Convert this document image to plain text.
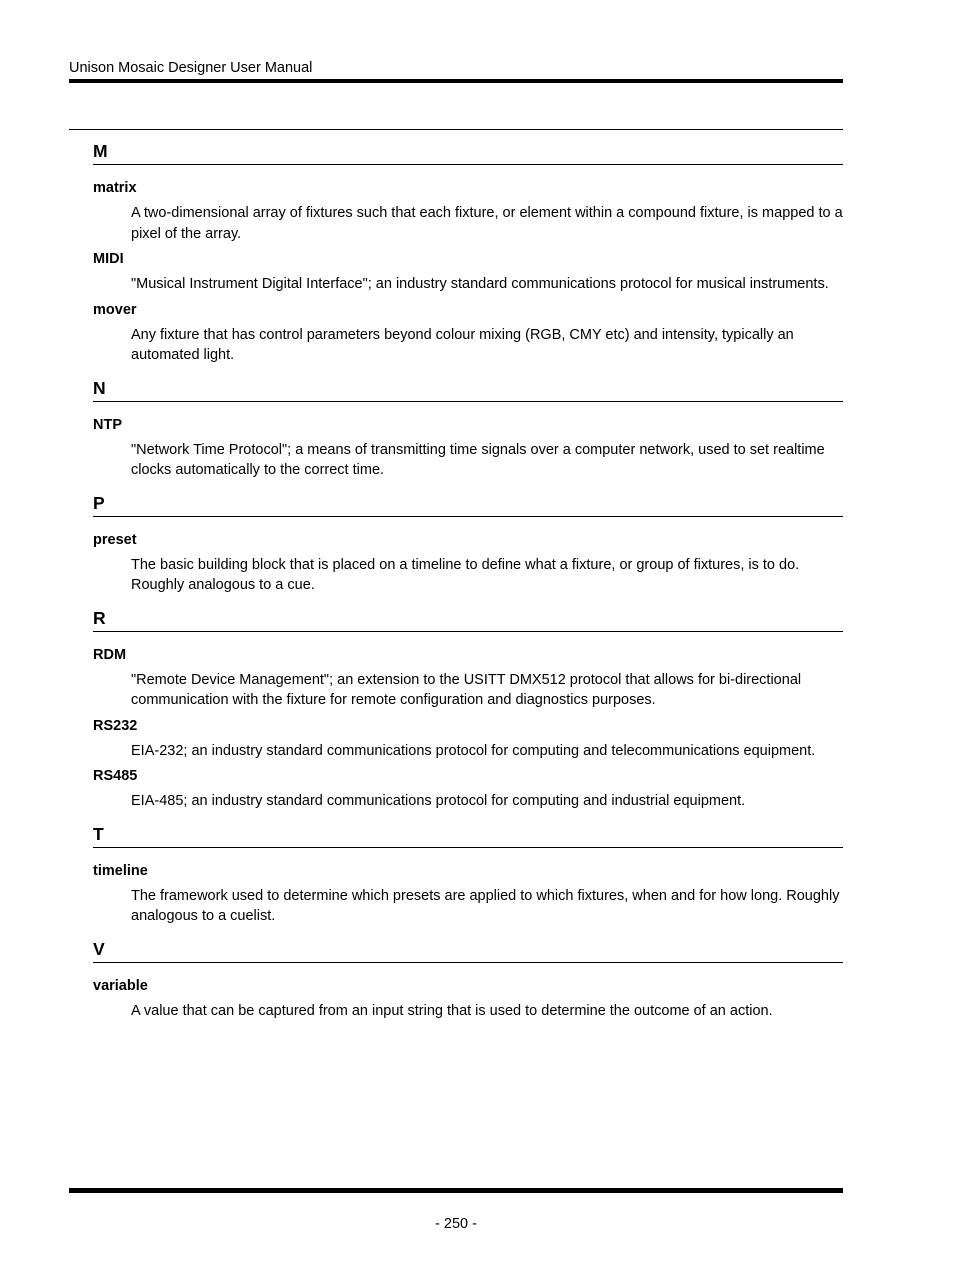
Unison Mosaic Designer User Manual
M
matrix
A two-dimensional array of fixtures such that each fixture, or element within a compound fixture, is mapped to a pixel of the array.
MIDI
"Musical Instrument Digital Interface"; an industry standard communications protocol for musical instruments.
mover
Any fixture that has control parameters beyond colour mixing (RGB, CMY etc) and intensity, typically an automated light.
N
NTP
"Network Time Protocol"; a means of transmitting time signals over a computer network, used to set realtime clocks automatically to the correct time.
P
preset
The basic building block that is placed on a timeline to define what a fixture, or group of fixtures, is to do. Roughly analogous to a cue.
R
RDM
"Remote Device Management"; an extension to the USITT DMX512 protocol that allows for bi-directional communication with the fixture for remote configuration and diagnostics purposes.
RS232
EIA-232; an industry standard communications protocol for computing and telecommunications equipment.
RS485
EIA-485; an industry standard communications protocol for computing and industrial equipment.
T
timeline
The framework used to determine which presets are applied to which fixtures, when and for how long. Roughly analogous to a cuelist.
V
variable
A value that can be captured from an input string that is used to determine the outcome of an action.
- 250 -
